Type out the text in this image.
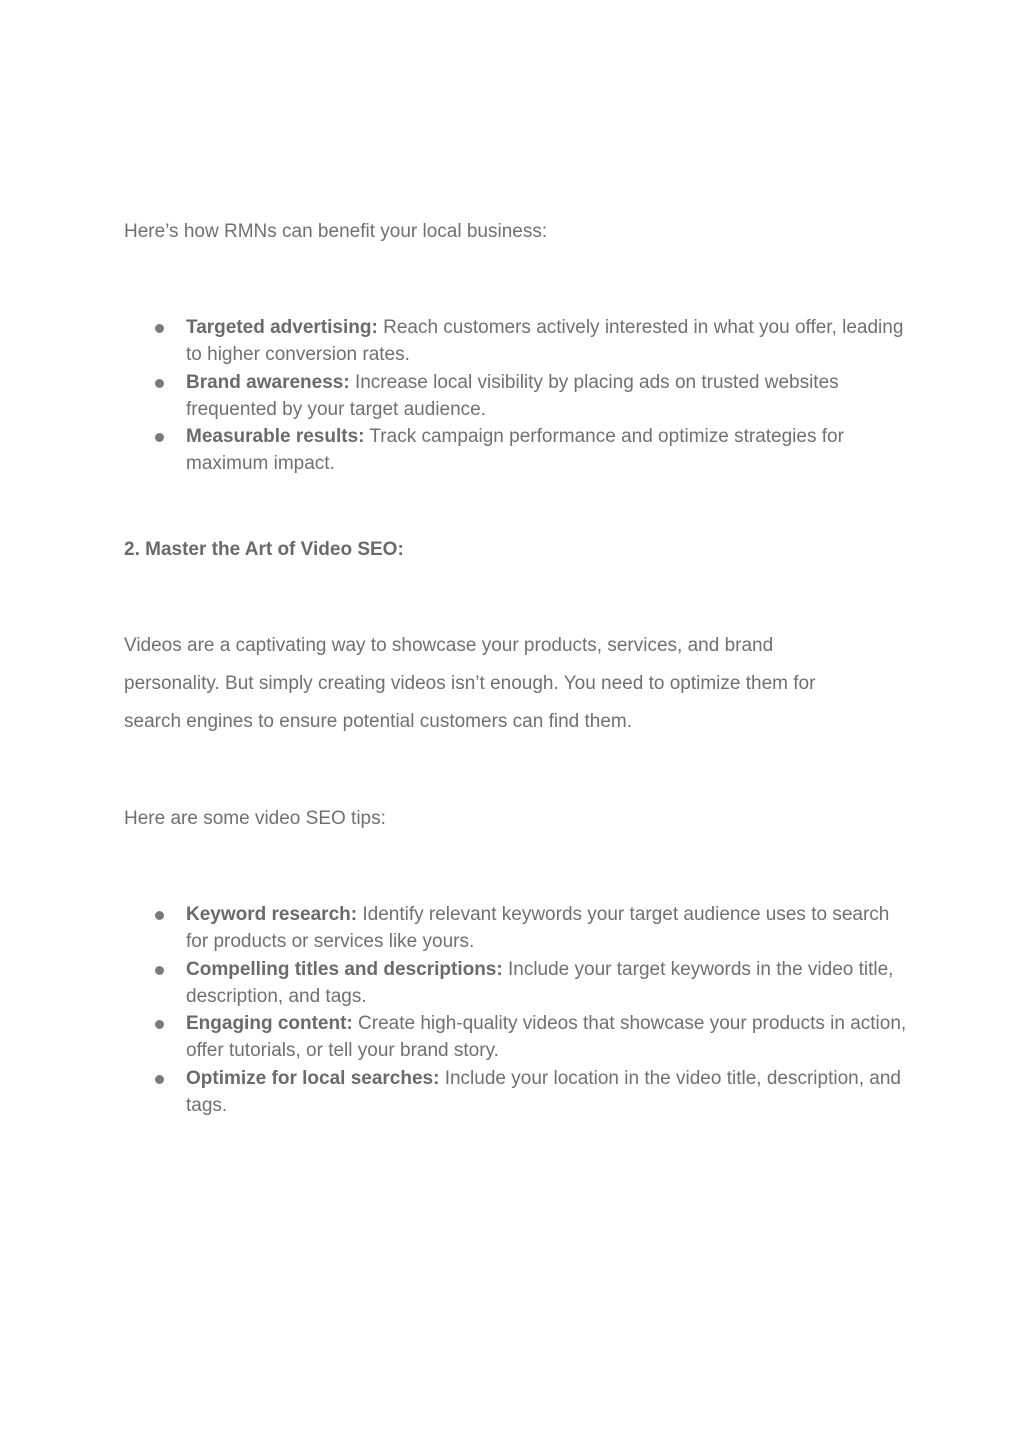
Here’s how RMNs can benefit your local business:

Targeted advertising: Reach customers actively interested in what you offer, leading to higher conversion rates.
Brand awareness: Increase local visibility by placing ads on trusted websites frequented by your target audience.
Measurable results: Track campaign performance and optimize strategies for maximum impact.
2. Master the Art of Video SEO:

Videos are a captivating way to showcase your products, services, and brand personality. But simply creating videos isn’t enough. You need to optimize them for search engines to ensure potential customers can find them.

Here are some video SEO tips:

Keyword research: Identify relevant keywords your target audience uses to search for products or services like yours.
Compelling titles and descriptions: Include your target keywords in the video title, description, and tags.
Engaging content: Create high-quality videos that showcase your products in action, offer tutorials, or tell your brand story.
Optimize for local searches: Include your location in the video title, description, and tags.
